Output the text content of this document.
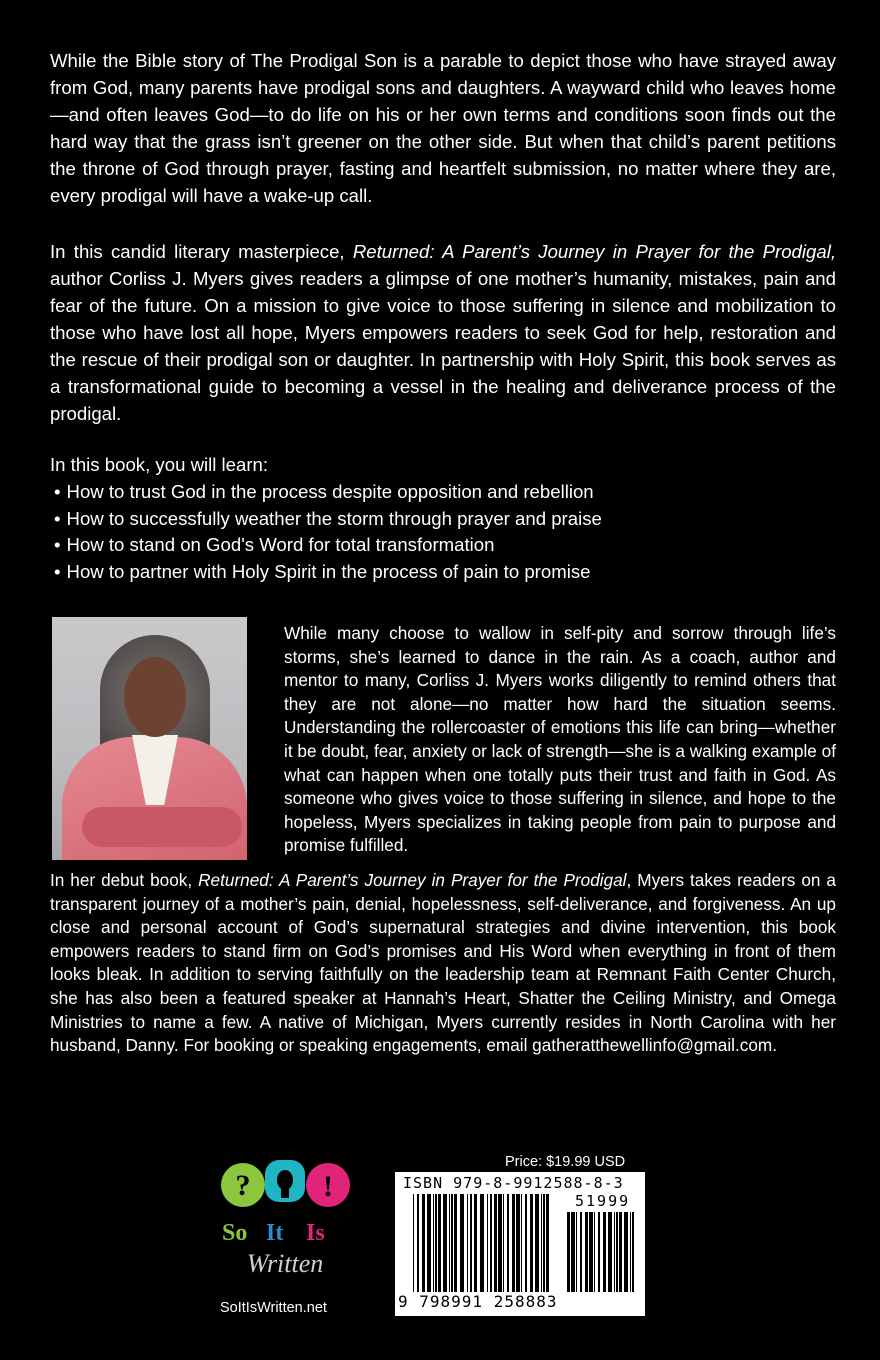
While the Bible story of The Prodigal Son is a parable to depict those who have strayed away from God, many parents have prodigal sons and daughters. A wayward child who leaves home—and often leaves God—to do life on his or her own terms and conditions soon finds out the hard way that the grass isn’t greener on the other side. But when that child’s parent petitions the throne of God through prayer, fasting and heartfelt submission, no matter where they are, every prodigal will have a wake-up call.

In this candid literary masterpiece, Returned: A Parent’s Journey in Prayer for the Prodigal, author Corliss J. Myers gives readers a glimpse of one mother’s humanity, mistakes, pain and fear of the future. On a mission to give voice to those suffering in silence and mobilization to those who have lost all hope, Myers empowers readers to seek God for help, restoration and the rescue of their prodigal son or daughter. In partnership with Holy Spirit, this book serves as a transformational guide to becoming a vessel in the healing and deliverance process of the prodigal.

In this book, you will learn:
• How to trust God in the process despite opposition and rebellion
• How to successfully weather the storm through prayer and praise
• How to stand on God's Word for total transformation
• How to partner with Holy Spirit in the process of pain to promise

While many choose to wallow in self-pity and sorrow through life’s storms, she’s learned to dance in the rain. As a coach, author and mentor to many, Corliss J. Myers works diligently to remind others that they are not alone—no matter how hard the situation seems. Understanding the rollercoaster of emotions this life can bring—whether it be doubt, fear, anxiety or lack of strength—she is a walking example of what can happen when one totally puts their trust and faith in God. As someone who gives voice to those suffering in silence, and hope to the hopeless, Myers specializes in taking people from pain to purpose and promise fulfilled.

In her debut book, Returned: A Parent’s Journey in Prayer for the Prodigal, Myers takes readers on a transparent journey of a mother’s pain, denial, hopelessness, self-deliverance, and forgiveness. An up close and personal account of God’s supernatural strategies and divine intervention, this book empowers readers to stand firm on God’s promises and His Word when everything in front of them looks bleak. In addition to serving faithfully on the leadership team at Remnant Faith Center Church, she has also been a featured speaker at Hannah’s Heart, Shatter the Ceiling Ministry, and Omega Ministries to name a few. A native of Michigan, Myers currently resides in North Carolina with her husband, Danny. For booking or speaking engagements, email gatheratthewellinfo@gmail.com.

? !
So It Is
Written
SoItIsWritten.net
Price: $19.99 USD
ISBN 979-8-9912588-8-3
51999
9 798991 258883
